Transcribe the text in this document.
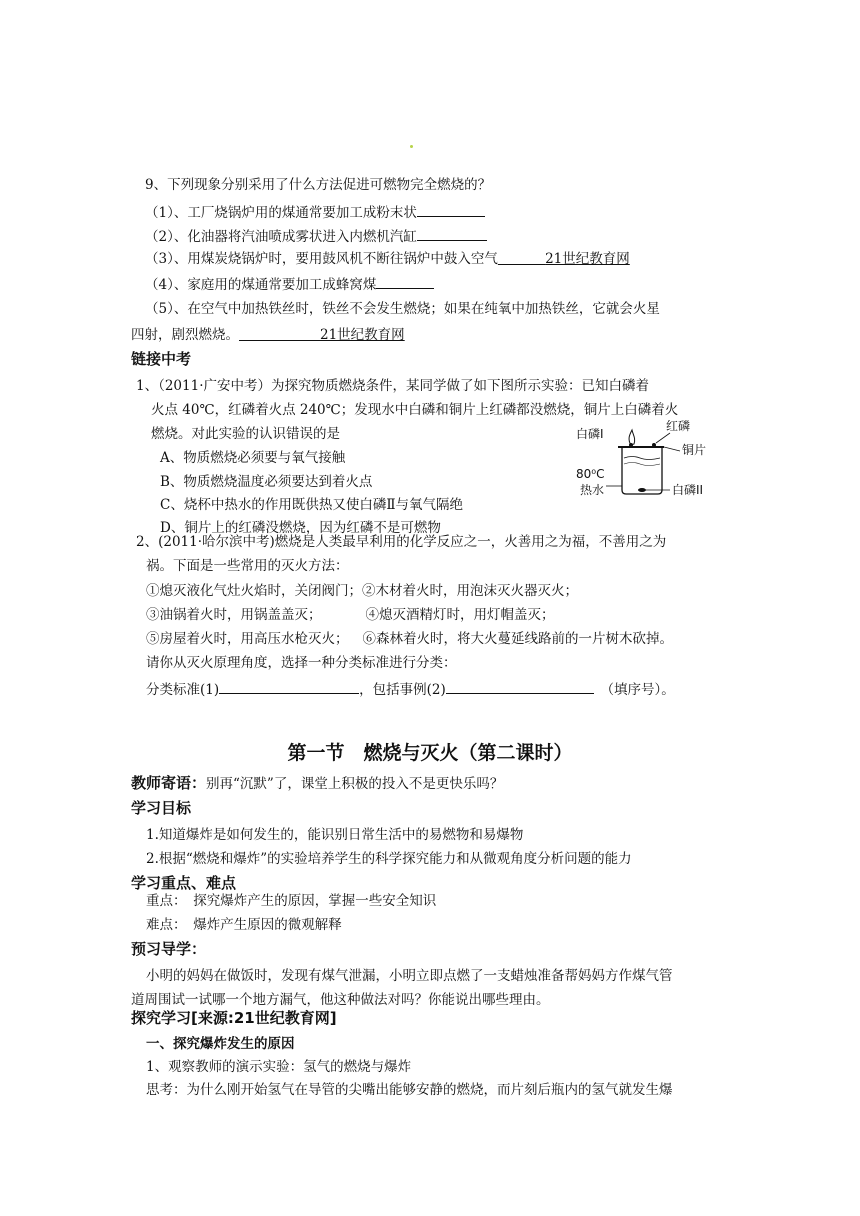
9、下列现象分别采用了什么方法促进可燃物完全燃烧的？
（1）、工厂烧锅炉用的煤通常要加工成粉末状
（2）、化油器将汽油喷成雾状进入内燃机汽缸
（3）、用煤炭烧锅炉时，要用鼓风机不断往锅炉中鼓入空气    	21世纪教育网
（4）、家庭用的煤通常要加工成蜂窝煤
（5）、在空气中加热铁丝时，铁丝不会发生燃烧；如果在纯氧中加热铁丝，它就会火星
四射，剧烈燃烧。      	21世纪教育网
链接中考
1、（2011·广安中考）为探究物质燃烧条件，某同学做了如下图所示实验：已知白磷着
火点 40℃，红磷着火点 240℃；发现水中白磷和铜片上红磷都没燃烧，铜片上白磷着火
燃烧。对此实验的认识错误的是
A、物质燃烧必须要与氧气接触
B、物质燃烧温度必须要达到着火点
C、烧杯中热水的作用既供热又使白磷Ⅱ与氧气隔绝
D、铜片上的红磷没燃烧，因为红磷不是可燃物
白磷I
红磷
铜片
80⁰C
热水	白磷II
2、(2011·哈尔滨中考)燃烧是人类最早利用的化学反应之一，火善用之为福，不善用之为
祸。下面是一些常用的灭火方法：
①熄灭液化气灶火焰时，关闭阀门；②木材着火时，用泡沫灭火器灭火；
③油锅着火时，用锅盖盖灭；	④熄灭酒精灯时，用灯帽盖灭；
⑤房屋着火时，用高压水枪灭火； ⑥森林着火时，将大火蔓延线路前的一片树木砍掉。
请你从灭火原理角度，选择一种分类标准进行分类：
分类标准(1)	，包括事例(2) 	（填序号）。
第一节　燃烧与灭火（第二课时）
教师寄语：别再“沉默”了，课堂上积极的投入不是更快乐吗？
学习目标
1.知道爆炸是如何发生的，能识别日常生活中的易燃物和易爆物
2.根据“燃烧和爆炸”的实验培养学生的科学探究能力和从微观角度分析问题的能力
学习重点、难点
重点：　探究爆炸产生的原因，掌握一些安全知识
难点：　爆炸产生原因的微观解释
预习导学：
小明的妈妈在做饭时，发现有煤气泄漏，小明立即点燃了一支蜡烛准备帮妈妈方作煤气管
道周围试一试哪一个地方漏气，他这种做法对吗？你能说出哪些理由。
探究学习[来源:21世纪教育网]
一、探究爆炸发生的原因
1、观察教师的演示实验：氢气的燃烧与爆炸
思考：为什么刚开始氢气在导管的尖嘴出能够安静的燃烧，而片刻后瓶内的氢气就发生爆
